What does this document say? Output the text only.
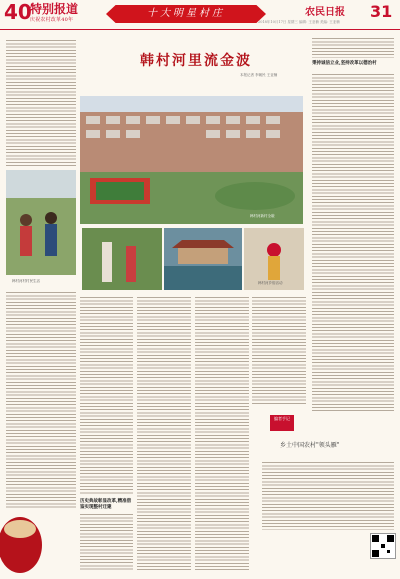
40
特别报道
庆祝农村改革40年
十大明星村庄	农民日报 31
2018年10月17日 星期三 编辑: 王亚楠 美编: 王亚楠
韩村河里流金波
本报记者 李朝民 王亚楠
韩村河村村民生活
韩村河新村全貌
韩村河乡俗活动
历史典故彰显改革,精准借鉴实现整村迁建
秉持诚信立业,坚持改革以德治村
编者手记
乡土中国农村"领头雁"
